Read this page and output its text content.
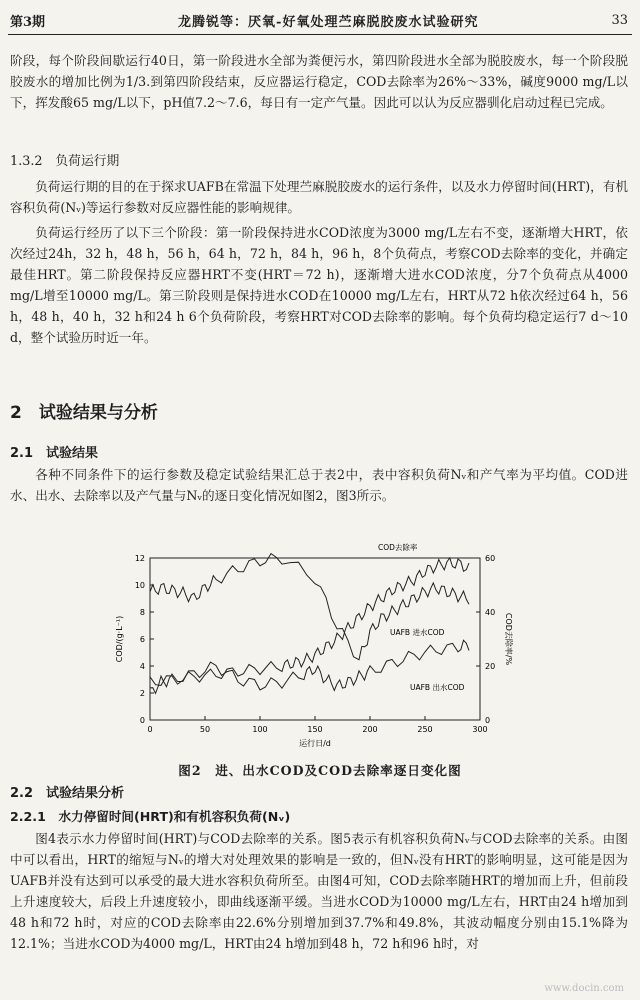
第3期	龙腾锐等：厌氧-好氧处理苎麻脱胶废水试验研究	33

阶段，每个阶段间歇运行40日，第一阶段进水全部为粪便污水，第四阶段进水全部为脱胶废水，每一个阶段脱胶废水的增加比例为1/3.到第四阶段结束，反应器运行稳定，COD去除率为26%～33%，碱度9000 mg/L以下，挥发酸65 mg/L以下，pH值7.2～7.6，每日有一定产气量。因此可以认为反应器驯化启动过程已完成。

1.3.2　负荷运行期

负荷运行期的目的在于探求UAFB在常温下处理苎麻脱胶废水的运行条件，以及水力停留时间(HRT)，有机容积负荷(Nᵥ)等运行参数对反应器性能的影响规律。

负荷运行经历了以下三个阶段：第一阶段保持进水COD浓度为3000 mg/L左右不变，逐渐增大HRT，依次经过24h，32 h，48 h，56 h，64 h，72 h，84 h，96 h，8个负荷点，考察COD去除率的变化，并确定最佳HRT。第二阶段保持反应器HRT不变(HRT＝72 h)，逐渐增大进水COD浓度，分7个负荷点从4000 mg/L增至10000 mg/L。第三阶段则是保持进水COD在10000 mg/L左右，HRT从72 h依次经过64 h，56 h，48 h，40 h，32 h和24 h 6个负荷阶段，考察HRT对COD去除率的影响。每个负荷均稳定运行7 d～10 d，整个试验历时近一年。

2　试验结果与分析

2.1　试验结果

各种不同条件下的运行参数及稳定试验结果汇总于表2中，表中容积负荷Nᵥ和产气率为平均值。COD进水、出水、去除率以及产气量与Nᵥ的逐日变化情况如图2，图3所示。

0	50	100	150	200	250	300
0
2
4
6
8
10
12
0
20
40
60
运行日/d
COD/(g·L⁻¹)	COD去除率/%
UAFB 进水COD
UAFB 出水COD
COD去除率
图2　进、出水COD及COD去除率逐日变化图

2.2　试验结果分析

2.2.1　水力停留时间(HRT)和有机容积负荷(Nᵥ)

图4表示水力停留时间(HRT)与COD去除率的关系。图5表示有机容积负荷Nᵥ与COD去除率的关系。由图中可以看出，HRT的缩短与Nᵥ的增大对处理效果的影响是一致的，但Nᵥ没有HRT的影响明显，这可能是因为UAFB并没有达到可以承受的最大进水容积负荷所至。由图4可知，COD去除率随HRT的增加而上升，但前段上升速度较大，后段上升速度较小，即曲线逐渐平缓。当进水COD为10000 mg/L左右，HRT由24 h增加到48 h和72 h时，对应的COD去除率由22.6%分别增加到37.7%和49.8%，其波动幅度分别由15.1%降为12.1%；当进水COD为4000 mg/L，HRT由24 h增加到48 h，72 h和96 h时，对

www.docin.com
